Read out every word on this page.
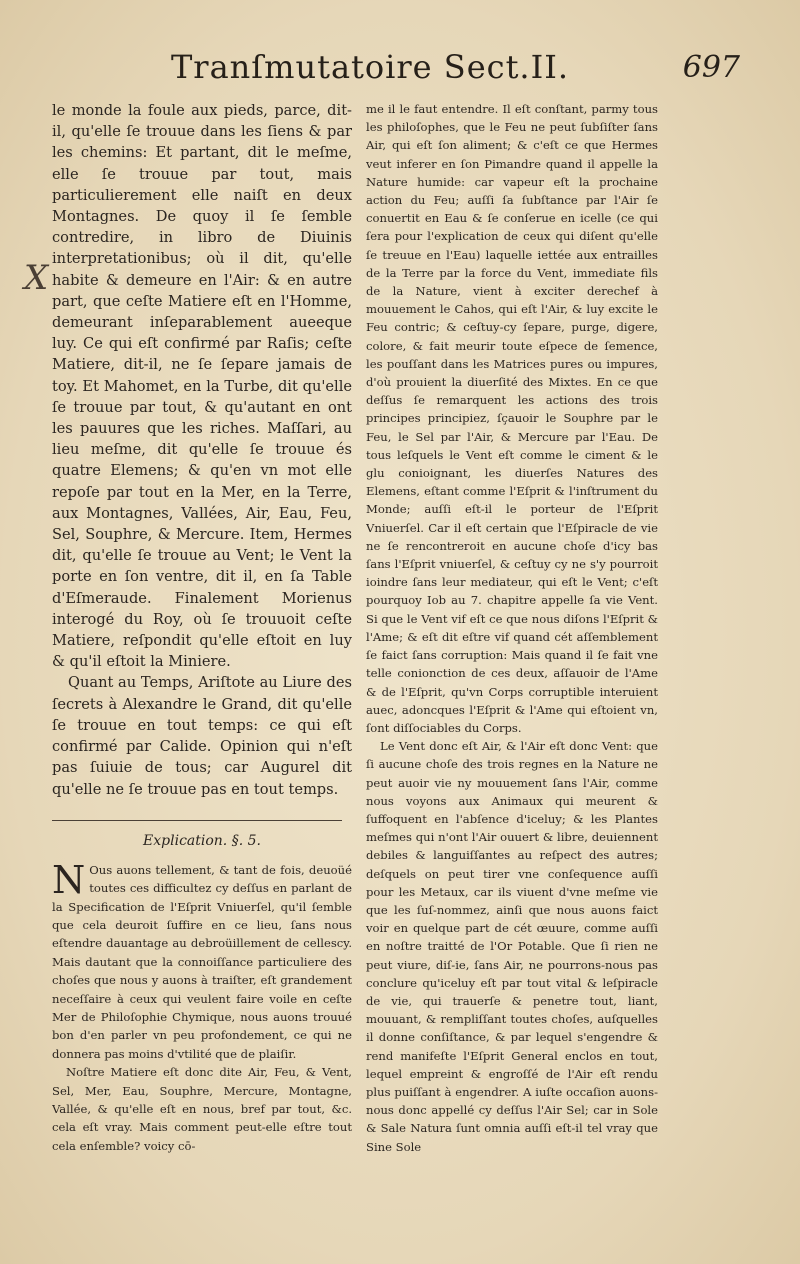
Tranſmutatoire Sect.II.	697
X

le monde la foule aux pieds, parce, dit-il, qu'elle ſe trouue dans les ſiens & par les chemins: Et partant, dit le meſme, elle ſe trouue par tout, mais particulierement elle naiſt en deux Montagnes. De quoy il ſe ſemble contredire, in libro de Diuinis interpretationibus; où il dit, qu'elle habite & demeure en l'Air: & en autre part, que ceſte Matiere eſt en l'Homme, demeurant inſeparablement aueeque luy. Ce qui eſt confirmé par Raſis; ceſte Matiere, dit-il, ne ſe ſepare jamais de toy. Et Mahomet, en la Turbe, dit qu'elle ſe trouue par tout, & qu'autant en ont les pauures que les riches. Maſſari, au lieu meſme, dit qu'elle ſe trouue és quatre Elemens; & qu'en vn mot elle repoſe par tout en la Mer, en la Terre, aux Montagnes, Vallées, Air, Eau, Feu, Sel, Souphre, & Mercure. Item, Hermes dit, qu'elle ſe trouue au Vent; le Vent la porte en ſon ventre, dit il, en ſa Table d'Eſmeraude. Finalement Morienus interogé du Roy, où ſe trouuoit ceſte Matiere, reſpondit qu'elle eſtoit en luy & qu'il eſtoit la Miniere.

Quant au Temps, Ariſtote au Liure des ſecrets à Alexandre le Grand, dit qu'elle ſe trouue en tout temps: ce qui eſt confirmé par Calide. Opinion qui n'eſt pas ſuiuie de tous; car Augurel dit qu'elle ne ſe trouue pas en tout temps.

Explication. §. 5.

N Ous auons tellement, & tant de fois, deuoüé toutes ces difficultez cy deſſus en parlant de la Specification de l'Eſprit Vniuerſel, qu'il ſemble que cela deuroit ſuffire en ce lieu, ſans nous eſtendre dauantage au debroüillement de cellescy. Mais dautant que la connoiſſance particuliere des choſes que nous y auons à traiſter, eſt grandement neceſſaire à ceux qui veulent faire voile en ceſte Mer de Philoſophie Chymique, nous auons trouué bon d'en parler vn peu profondement, ce qui ne donnera pas moins d'vtilité que de plaiſir.

Noſtre Matiere eſt donc dite Air, Feu, & Vent, Sel, Mer, Eau, Souphre, Mercure, Montagne, Vallée, & qu'elle eſt en nous, bref par tout, &c. cela eſt vray. Mais comment peut-elle eſtre tout cela enſemble? voicy cō-

me il le faut entendre. Il eſt conſtant, parmy tous les philoſophes, que le Feu ne peut ſubſiſter ſans Air, qui eſt ſon aliment; & c'eſt ce que Hermes veut inferer en ſon Pimandre quand il appelle la Nature humide: car vapeur eſt la prochaine action du Feu; auſſi ſa ſubſtance par l'Air ſe conuertit en Eau & ſe conſerue en icelle (ce qui ſera pour l'explication de ceux qui diſent qu'elle ſe treuue en l'Eau) laquelle iettée aux entrailles de la Terre par la force du Vent, immediate fils de la Nature, vient à exciter derechef à mouuement le Cahos, qui eſt l'Air, & luy excite le Feu contric; & ceſtuy-cy ſepare, purge, digere, colore, & fait meurir toute eſpece de ſemence, les pouſſant dans les Matrices pures ou impures, d'où prouient la diuerſité des Mixtes. En ce que deſſus ſe remarquent les actions des trois principes principiez, ſçauoir le Souphre par le Feu, le Sel par l'Air, & Mercure par l'Eau. De tous leſquels le Vent eſt comme le ciment & le glu conioignant, les diuerſes Natures des Elemens, eſtant comme l'Eſprit & l'inſtrument du Monde; auſſi eſt-il le porteur de l'Eſprit Vniuerſel. Car il eſt certain que l'Eſpiracle de vie ne ſe rencontreroit en aucune choſe d'icy bas ſans l'Eſprit vniuerſel, & ceſtuy cy ne s'y pourroit ioindre ſans leur mediateur, qui eſt le Vent; c'eſt pourquoy Iob au 7. chapitre appelle ſa vie Vent. Si que le Vent vif eſt ce que nous diſons l'Eſprit & l'Ame; & eſt dit eſtre vif quand cét aſſemblement ſe faict ſans corruption: Mais quand il ſe fait vne telle conionction de ces deux, aſſauoir de l'Ame & de l'Eſprit, qu'vn Corps corruptible interuient auec, adoncques l'Eſprit & l'Ame qui eſtoient vn, ſont diſſociables du Corps.

Le Vent donc eſt Air, & l'Air eſt donc Vent: que ſi aucune choſe des trois regnes en la Nature ne peut auoir vie ny mouuement ſans l'Air, comme nous voyons aux Animaux qui meurent & ſuffoquent en l'abſence d'iceluy; & les Plantes meſmes qui n'ont l'Air ouuert & libre, deuiennent debiles & languiſſantes au reſpect des autres; deſquels on peut tirer vne conſequence auſſi pour les Metaux, car ils viuent d'vne meſme vie que les ſuſ-nommez, ainſi que nous auons faict voir en quelque part de cét œuure, comme auſſi en noſtre traitté de l'Or Potable. Que ſi rien ne peut viure, diſ-ie, ſans Air, ne pourrons-nous pas conclure qu'iceluy eſt par tout vital & leſpiracle de vie, qui trauerſe & penetre tout, liant, mouuant, & rempliſſant toutes choſes, auſquelles il donne conſiſtance, & par lequel s'engendre & rend manifeſte l'Eſprit General enclos en tout, lequel empreint & engroſſé de l'Air eſt rendu plus puiſſant à engendrer. A iuſte occaſion auons-nous donc appellé cy deſſus l'Air Sel; car in Sole & Sale Natura ſunt omnia auſſi eſt-il tel vray que Sine Sole
